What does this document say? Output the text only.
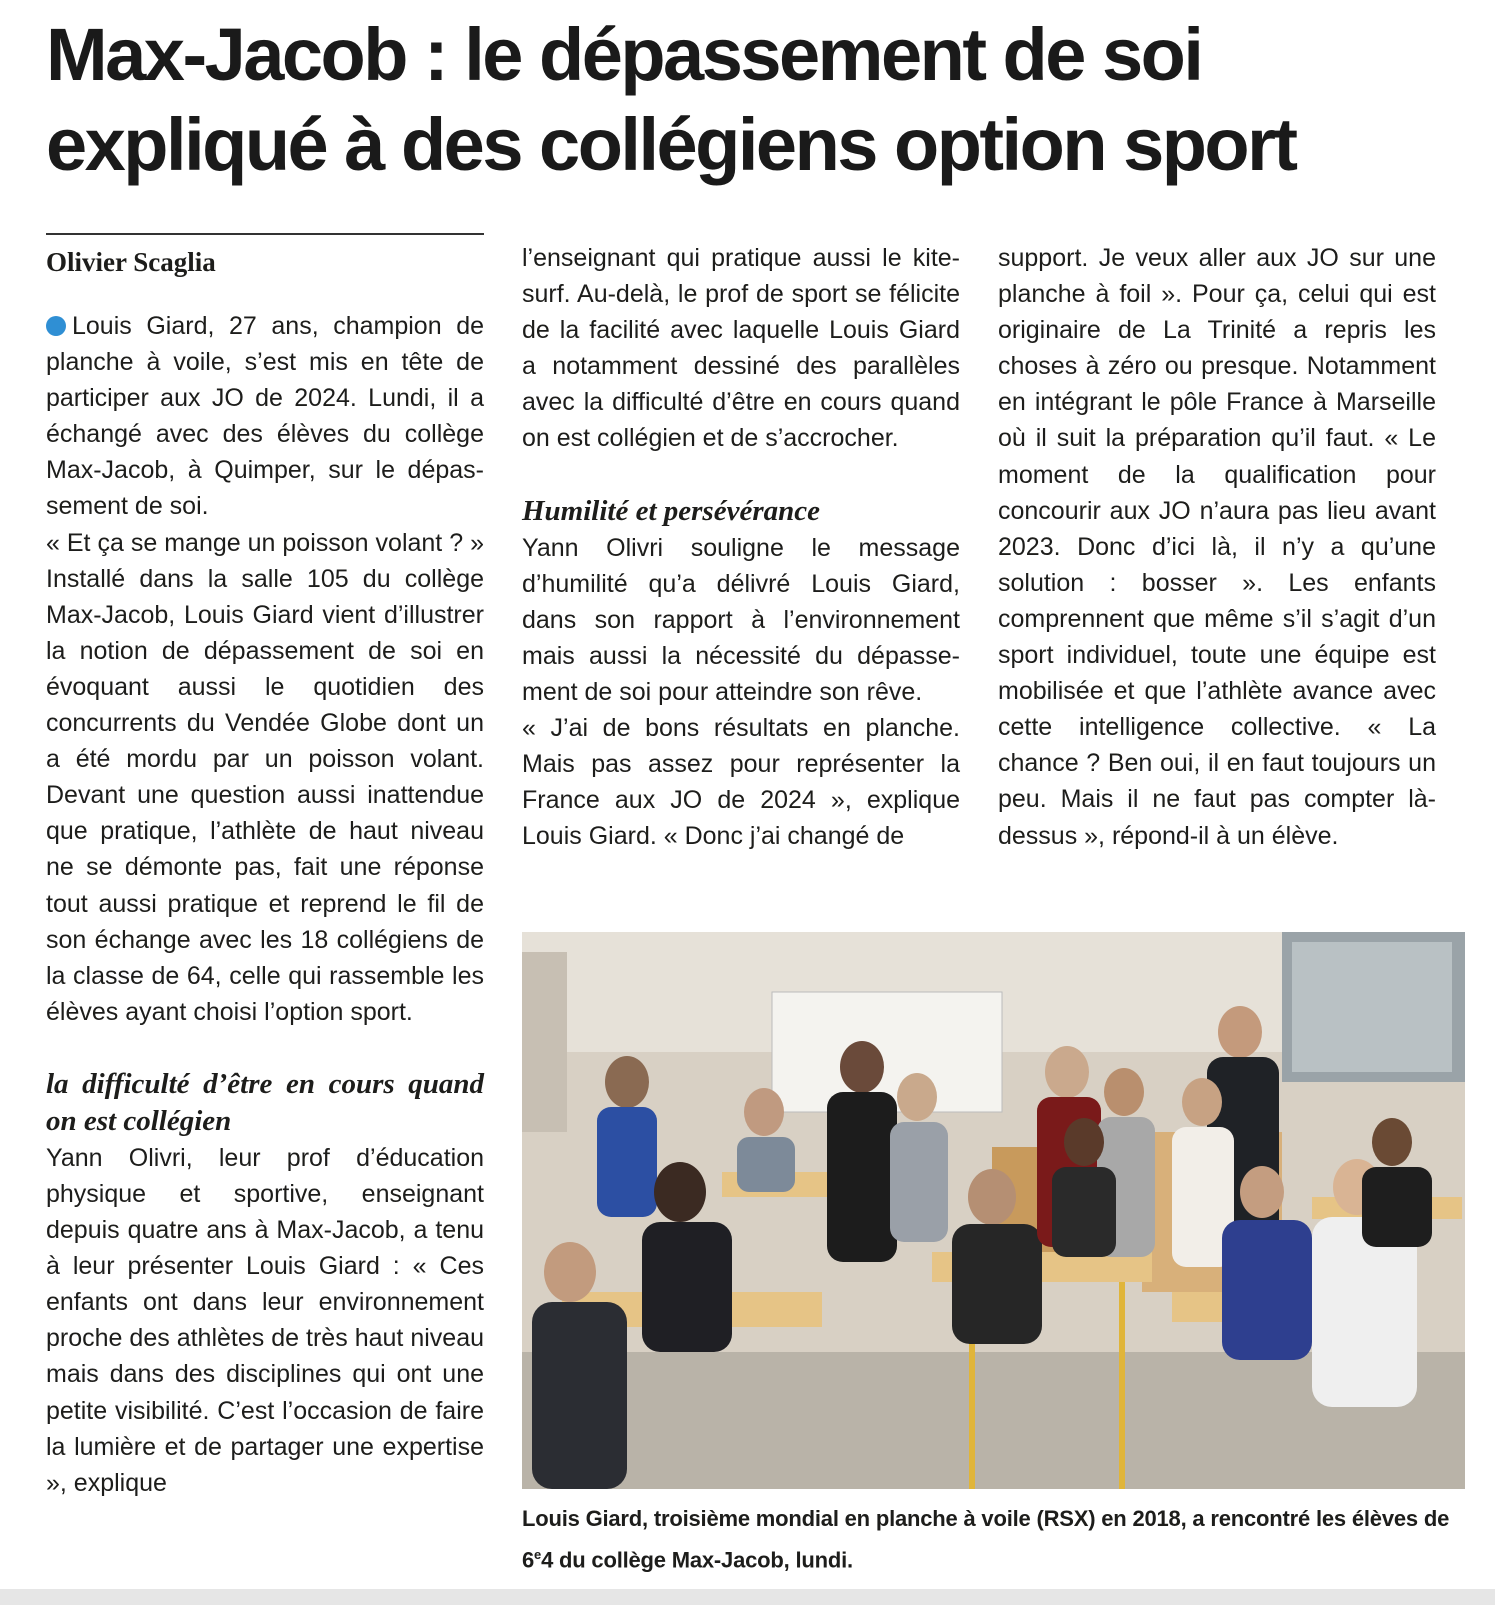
Max-Jacob : le dépassement de soi
expliqué à des collégiens option sport

Olivier Scaglia

Louis Giard, 27 ans, champion de planche à voile, s’est mis en tête de participer aux JO de 2024. Lundi, il a échangé avec des élèves du collège Max-Jacob, à Quimper, sur le dépassement de soi.

« Et ça se mange un poisson volant ? » Installé dans la salle 105 du collège Max-Jacob, Louis Giard vient d’illustrer la notion de dépassement de soi en évoquant aussi le quotidien des concurrents du Vendée Globe dont un a été mordu par un poisson volant. Devant une question aussi inattendue que pratique, l’athlète de haut niveau ne se démonte pas, fait une réponse tout aussi pratique et reprend le fil de son échange avec les 18 collégiens de la classe de 64, celle qui rassemble les élèves ayant choisi l’option sport.

la difficulté d’être en cours quand on est collégien

Yann Olivri, leur prof d’éducation physique et sportive, enseignant depuis quatre ans à Max-Jacob, a tenu à leur présenter Louis Giard : « Ces enfants ont dans leur environnement proche des athlètes de très haut niveau mais dans des disciplines qui ont une petite visibilité. C’est l’occasion de faire la lumière et de partager une expertise », explique

l’enseignant qui pratique aussi le kite-surf. Au-delà, le prof de sport se félicite de la facilité avec laquelle Louis Giard a notamment dessiné des parallèles avec la difficulté d’être en cours quand on est collégien et de s’accrocher.

Humilité et persévérance

Yann Olivri souligne le message d’humilité qu’a délivré Louis Giard, dans son rapport à l’environnement mais aussi la nécessité du dépassement de soi pour atteindre son rêve.

« J’ai de bons résultats en planche. Mais pas assez pour représenter la France aux JO de 2024 », explique Louis Giard. « Donc j’ai changé de

support. Je veux aller aux JO sur une planche à foil ». Pour ça, celui qui est originaire de La Trinité a repris les choses à zéro ou presque. Notamment en intégrant le pôle France à Marseille où il suit la préparation qu’il faut. « Le moment de la qualification pour concourir aux JO n’aura pas lieu avant 2023. Donc d’ici là, il n’y a qu’une solution : bosser ». Les enfants comprennent que même s’il s’agit d’un sport individuel, toute une équipe est mobilisée et que l’athlète avance avec cette intelligence collective. « La chance ? Ben oui, il en faut toujours un peu. Mais il ne faut pas compter là-dessus », répond-il à un élève.

Louis Giard, troisième mondial en planche à voile (RSX) en 2018, a rencontré les élèves de 6e4 du collège Max-Jacob, lundi.
